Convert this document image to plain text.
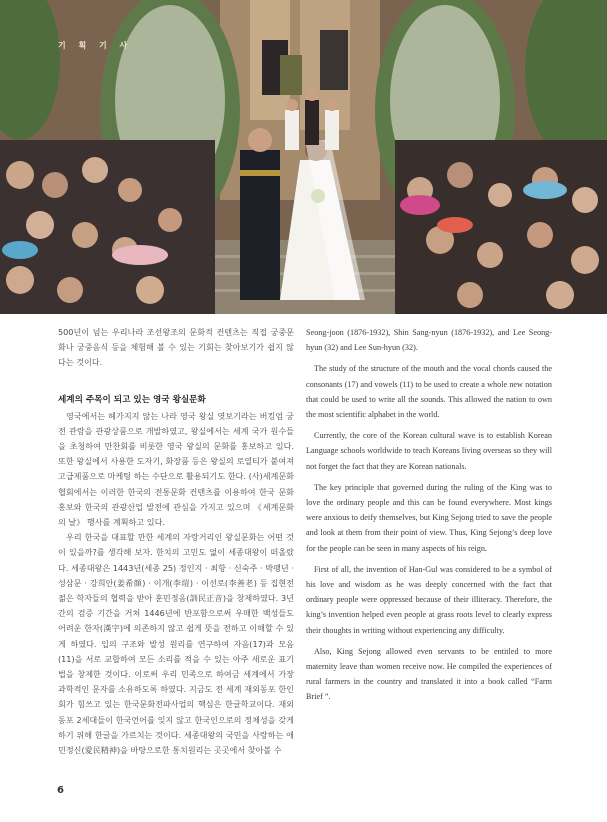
기 획 기 사

500년이 넘는 우리나라 조선왕조의 문화적 컨텐츠는 직접 궁중문화나 궁중음식 등을 체험해 볼 수 있는 기회는 찾아보기가 쉽지 않다는 것이다.

세계의 주목이 되고 있는 영국 왕실문화

영국에서는 헤가지지 않는 나라 영국 왕실 엿보기라는 버킹엄 궁전 관람을 관광상품으로 개발하였고, 왕실에서는 세계 국가 원수들을 초청하여 만찬회를 비롯한 영국 왕실의 문화를 홍보하고 있다. 또한 왕실에서 사용한 도자기, 화장품 등은 왕실의 로열티가 붙여져 고급제품으로 마케팅 하는 수단으로 활용되기도 한다. (사)세계문화협회에서는 이러한 한국의 전통문화 컨텐츠를 이용하여 한국 문화 홍보와 한국의 관광산업 발전에 관심을 가지고 있으며 《세계문화의 날》 행사를 계획하고 있다.

우리 한국을 대표할 만한 세계의 자랑거리인 왕실문화는 어떤 것이 있을까?를 생각해 보자. 한치의 고민도 없이 세종대왕이 떠올랐다. 세종대왕은 1443년(세종 25) 정인지 · 최항 · 신숙주 · 박팽년 · 성삼문 · 강희안(姜希顔) · 이개(李塏) · 이선로(李善老) 등 집현전 젊은 학자들의 협력을 받아 훈민정음(訓民正音)을 창제하였다. 3년간의 검증 기간을 거쳐 1446년에 반포함으로써 우매한 백성들도 어려운 한자(漢字)에 의존하지 않고 쉽게 뜻을 전하고 이해할 수 있게 하였다. 입의 구조와 발성 원리를 연구하여 자음(17)과 모음(11)을 서로 교합하여 모든 소리를 적을 수 있는 아주 새로운 표기법을 창제한 것이다. 이로써 우리 민족으로 하여금 세계에서 가장 과학적인 문자를 소유하도록 하였다. 지금도 전 세계 재외동포 한인회가 힘쓰고 있는 한국문화전파사업의 핵심은 한글학교이다. 재외동포 2세대들이 한국언어를 잊지 않고 한국인으로의 정체성을 갖게 하기 위해 한글을 가르치는 것이다. 세종대왕의 국민을 사랑하는 애민정신(愛民精神)을 바탕으로한 통치원리는 곳곳에서 찾아볼 수

Seong-joon (1876-1932), Shin Sang-nyun (1876-1932), and Lee Seong-hyun (32) and Lee Sun-hyun (32).

The study of the structure of the mouth and the vocal chords caused the consonants (17) and vowels (11) to be used to create a whole new notation that could be used to write all the sounds. This allowed the nation to own the most scientific alphabet in the world.

Currently, the core of the Korean cultural wave is to establish Korean Language schools worldwide to teach Koreans living overseas so they will not forget the fact that they are Korean nationals.

The key principle that governed during the ruling of the King was to love the ordinary people and this can be found everywhere. Most kings were anxious to deify themselves, but King Sejong tried to save the people and look at them from their point of view. Thus, King Sejong’s deep love for the people can be seen in many aspects of his reign.

First of all, the invention of Han-Gul was considered to be a symbol of his love and wisdom as he was deeply concerned with the fact that ordinary people were oppressed because of their illiteracy. Therefore, the king’s invention helped even people at grass roots level to clearly express their thoughts in writing without experiencing any difficulty.

Also, King Sejong allowed even servants to be entitled to more maternity leave than women receive now. He compiled the experiences of rural farmers in the country and translated it into a book called “Farm Brief ”.

6
